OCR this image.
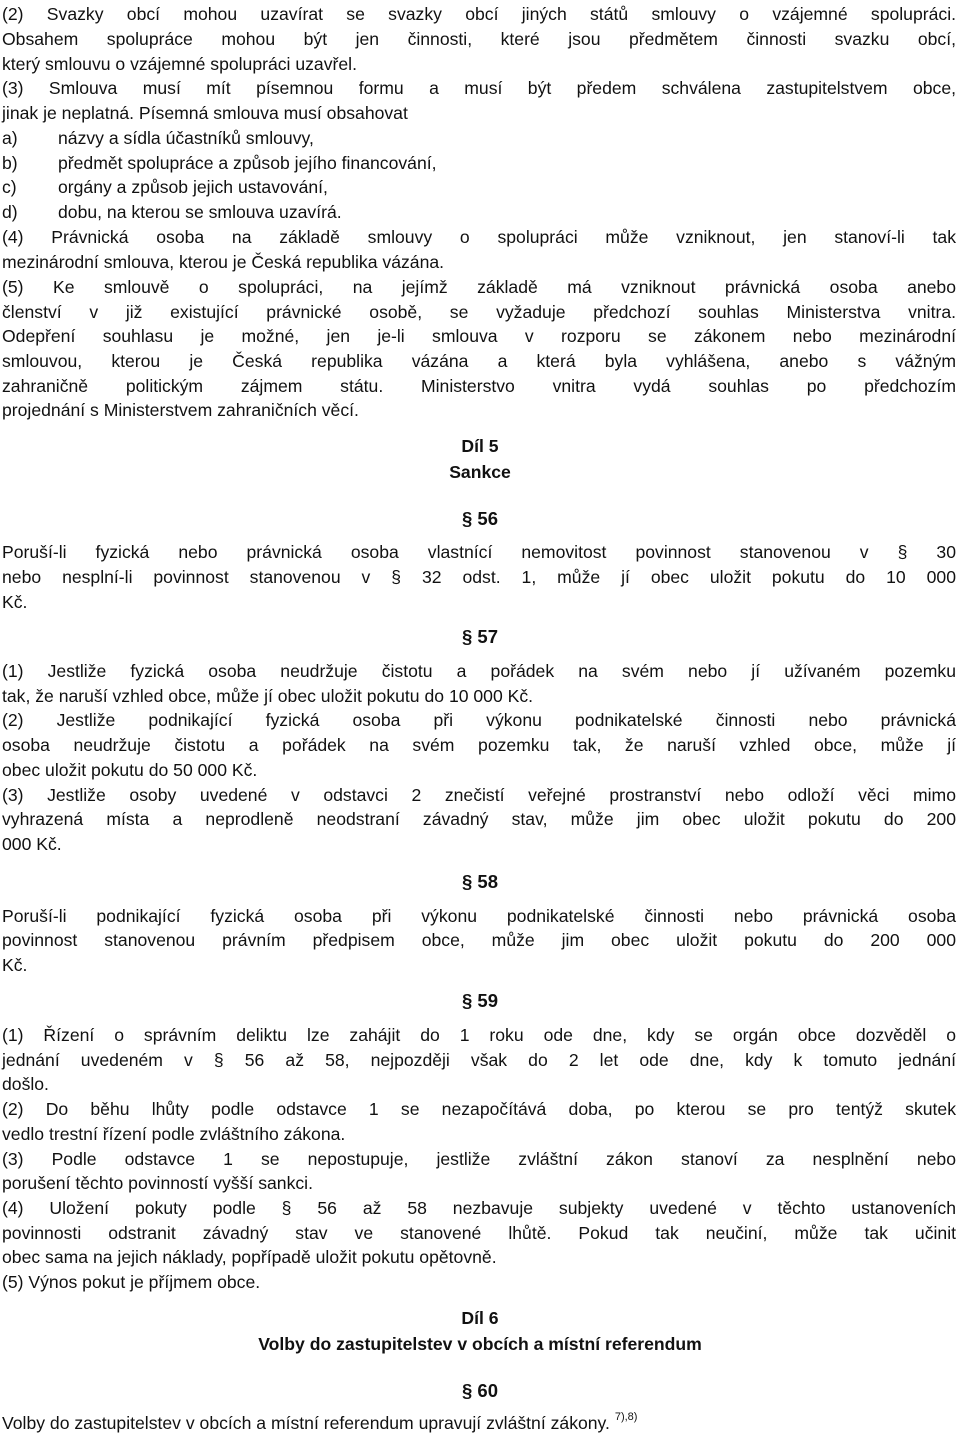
(2) Svazky obcí mohou uzavírat se svazky obcí jiných států smlouvy o vzájemné spolupráci.
Obsahem spolupráce mohou být jen činnosti, které jsou předmětem činnosti svazku obcí,
který smlouvu o vzájemné spolupráci uzavřel.
(3) Smlouva musí mít písemnou formu a musí být předem schválena zastupitelstvem obce,
jinak je neplatná. Písemná smlouva musí obsahovat
a) názvy a sídla účastníků smlouvy,
b) předmět spolupráce a způsob jejího financování,
c) orgány a způsob jejich ustavování,
d) dobu, na kterou se smlouva uzavírá.
(4) Právnická osoba na základě smlouvy o spolupráci může vzniknout, jen stanoví-li tak
mezinárodní smlouva, kterou je Česká republika vázána.
(5) Ke smlouvě o spolupráci, na jejímž základě má vzniknout právnická osoba anebo
členství v již existující právnické osobě, se vyžaduje předchozí souhlas Ministerstva vnitra.
Odepření souhlasu je možné, jen je-li smlouva v rozporu se zákonem nebo mezinárodní
smlouvou, kterou je Česká republika vázána a která byla vyhlášena, anebo s vážným
zahraničně politickým zájmem státu. Ministerstvo vnitra vydá souhlas po předchozím
projednání s Ministerstvem zahraničních věcí.
Díl 5
Sankce
§ 56
Poruší-li fyzická nebo právnická osoba vlastnící nemovitost povinnost stanovenou v § 30
nebo nesplní-li povinnost stanovenou v § 32 odst. 1, může jí obec uložit pokutu do 10 000
Kč.
§ 57
(1) Jestliže fyzická osoba neudržuje čistotu a pořádek na svém nebo jí užívaném pozemku
tak, že naruší vzhled obce, může jí obec uložit pokutu do 10 000 Kč.
(2) Jestliže podnikající fyzická osoba při výkonu podnikatelské činnosti nebo právnická
osoba neudržuje čistotu a pořádek na svém pozemku tak, že naruší vzhled obce, může jí
obec uložit pokutu do 50 000 Kč.
(3) Jestliže osoby uvedené v odstavci 2 znečistí veřejné prostranství nebo odloží věci mimo
vyhrazená místa a neprodleně neodstraní závadný stav, může jim obec uložit pokutu do 200
000 Kč.
§ 58
Poruší-li podnikající fyzická osoba při výkonu podnikatelské činnosti nebo právnická osoba
povinnost stanovenou právním předpisem obce, může jim obec uložit pokutu do 200 000
Kč.
§ 59
(1) Řízení o správním deliktu lze zahájit do 1 roku ode dne, kdy se orgán obce dozvěděl o
jednání uvedeném v § 56 až 58, nejpozději však do 2 let ode dne, kdy k tomuto jednání
došlo.
(2) Do běhu lhůty podle odstavce 1 se nezapočítává doba, po kterou se pro tentýž skutek
vedlo trestní řízení podle zvláštního zákona.
(3) Podle odstavce 1 se nepostupuje, jestliže zvláštní zákon stanoví za nesplnění nebo
porušení těchto povinností vyšší sankci.
(4) Uložení pokuty podle § 56 až 58 nezbavuje subjekty uvedené v těchto ustanoveních
povinnosti odstranit závadný stav ve stanovené lhůtě. Pokud tak neučiní, může tak učinit
obec sama na jejich náklady, popřípadě uložit pokutu opětovně.
(5) Výnos pokut je příjmem obce.
Díl 6
Volby do zastupitelstev v obcích a místní referendum
§ 60
Volby do zastupitelstev v obcích a místní referendum upravují zvláštní zákony. $^{7),8)}$
